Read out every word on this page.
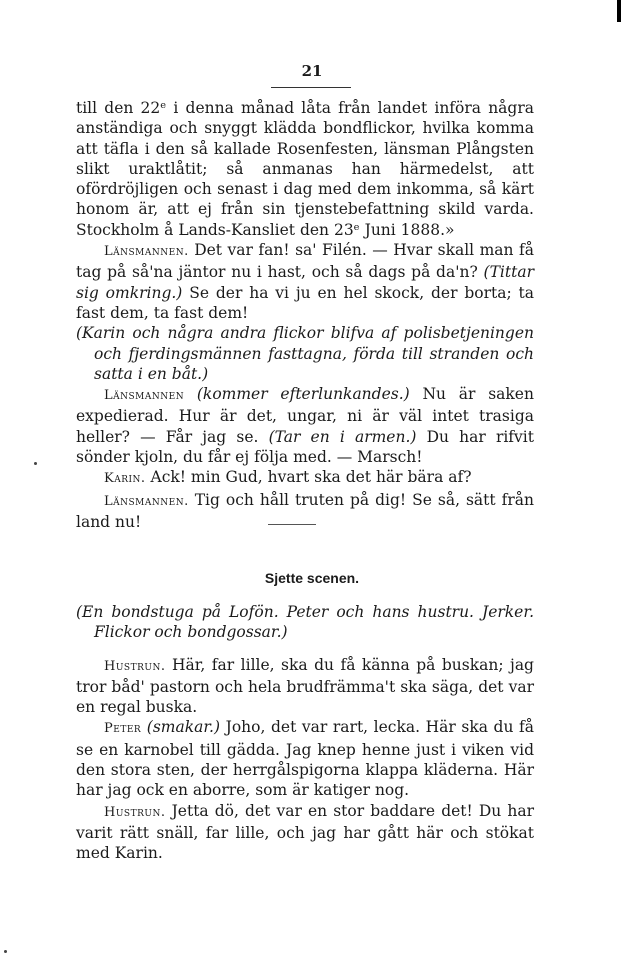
21

till den 22ᵉ i denna månad låta från landet införa några anständiga och snyggt klädda bondflickor, hvilka komma att täfla i den så kallade Rosenfesten, länsman Plångsten slikt uraktlåtit; så anmanas han härmedelst, att ofördröjligen och senast i dag med dem inkomma, så kärt honom är, att ej från sin tjenstebefattning skild varda. Stockholm å Lands-Kansliet den 23ᵉ Juni 1888.»

Länsmannen. Det var fan! sa' Filén. — Hvar skall man få tag på så'na jäntor nu i hast, och så dags på da'n? (Tittar sig omkring.) Se der ha vi ju en hel skock, der borta; ta fast dem, ta fast dem!

(Karin och några andra flickor blifva af polisbetjeningen och fjerdingsmännen fasttagna, förda till stranden och satta i en båt.)

Länsmannen (kommer efterlunkandes.) Nu är saken expedierad. Hur är det, ungar, ni är väl intet trasiga heller? — Får jag se. (Tar en i armen.) Du har rifvit sönder kjoln, du får ej följa med. — Marsch!

Karin. Ack! min Gud, hvart ska det här bära af?

Länsmannen. Tig och håll truten på dig! Se så, sätt från land nu!

Sjette scenen.

(En bondstuga på Lofön. Peter och hans hustru. Jerker. Flickor och bondgossar.)

Hustrun. Här, far lille, ska du få känna på buskan; jag tror båd' pastorn och hela brudfrämma't ska säga, det var en regal buska.

Peter (smakar.) Joho, det var rart, lecka. Här ska du få se en karnobel till gädda. Jag knep henne just i viken vid den stora sten, der herrgålspigorna klappa kläderna. Här har jag ock en aborre, som är katiger nog.

Hustrun. Jetta dö, det var en stor baddare det! Du har varit rätt snäll, far lille, och jag har gått här och stökat med Karin.
